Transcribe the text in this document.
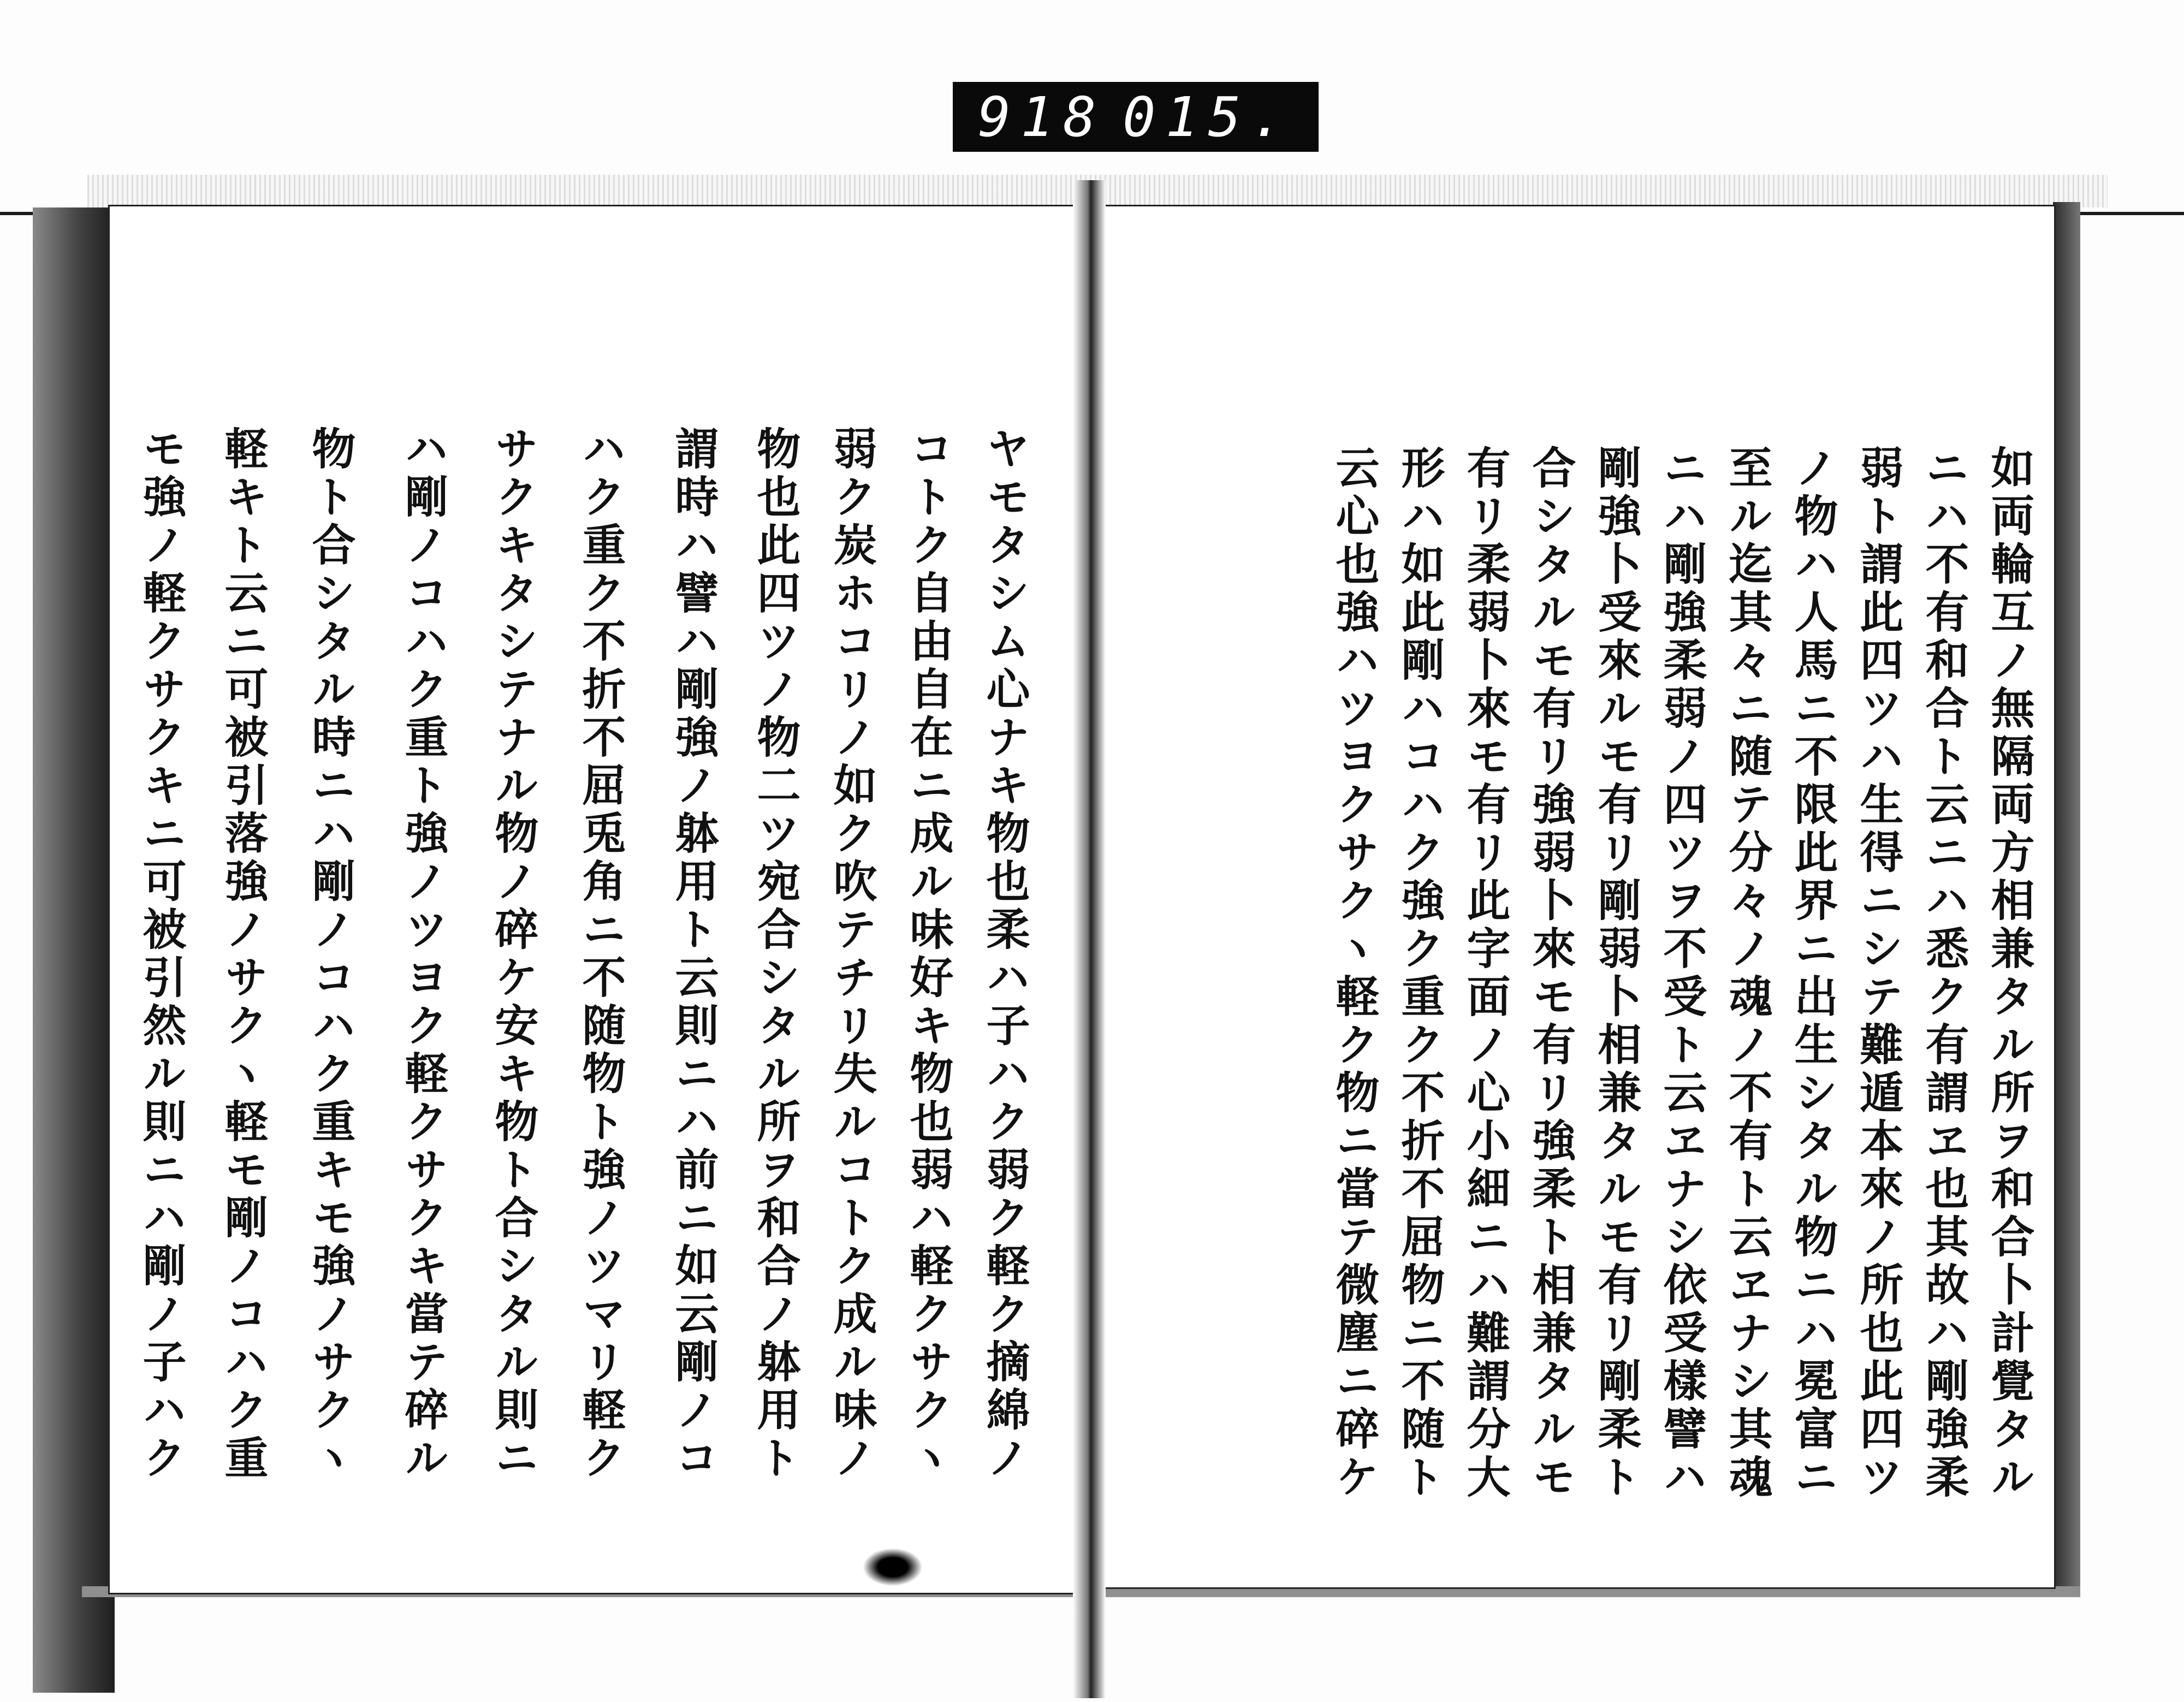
918 015.
如両輪互ノ無隔両方相兼タル所ヲ和合卜計覺タル
ニハ不有和合ト云ニハ悉ク有謂ヱ也其故ハ剛強柔
弱ト謂此四ツハ生得ニシテ難遁本來ノ所也此四ツ
ノ物ハ人馬ニ不限此界ニ出生シタル物ニハ冕富ニ
至ル迄其々ニ随テ分々ノ魂ノ不有ト云ヱナシ其魂
ニハ剛強柔弱ノ四ツヲ不受ト云ヱナシ依受樣譬ハ
剛強卜受來ルモ有リ剛弱卜相兼タルモ有リ剛柔ト
合シタルモ有リ強弱卜來モ有リ強柔ト相兼タルモ
有リ柔弱卜來モ有リ此字面ノ心小細ニハ難謂分大
形ハ如此剛ハコハク強ク重ク不折不屈物ニ不随ト
云心也強ハツヨクサクヽ軽ク物ニ當テ微塵ニ碎ケ
ヤモタシム心ナキ物也柔ハ子ハク弱ク軽ク摘綿ノ
コトク自由自在ニ成ル味好キ物也弱ハ軽クサクヽ
弱ク炭ホコリノ如ク吹テチリ失ルコトク成ル味ノ
物也此四ツノ物二ツ宛合シタル所ヲ和合ノ躰用ト
謂時ハ譬ハ剛強ノ躰用ト云則ニハ前ニ如云剛ノコ
ハク重ク不折不屈兎角ニ不随物ト強ノツマリ軽ク
サクキタシテナル物ノ碎ケ安キ物ト合シタル則ニ
ハ剛ノコハク重ト強ノツヨク軽クサクキ當テ碎ル
物ト合シタル時ニハ剛ノコハク重キモ強ノサクヽ
軽キト云ニ可被引落強ノサクヽ軽モ剛ノコハク重
モ強ノ軽クサクキニ可被引然ル則ニハ剛ノ子ハク
